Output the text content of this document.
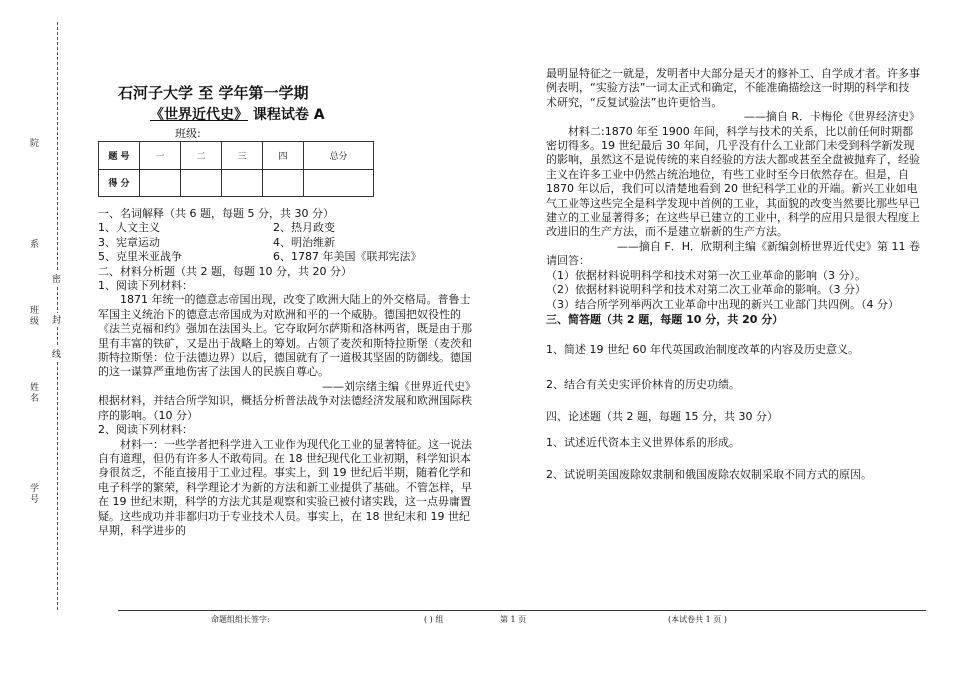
院
系
班
级
姓
名
学
号
密
封
线
石河子大学 至 学年第一学期
《世界近代史》 课程试卷 A
班级:
题 号	一	二	三	四	总分
得 分					

一、名词解释（共 6 题，每题 5 分，共 30 分）

1、人文主义	2、热月政变
3、宪章运动	4、明治维新
5、克里米亚战争	6、1787 年美国《联邦宪法》

二、材料分析题（共 2 题，每题 10 分，共 20 分）

1、阅读下列材料：

1871 年统一的德意志帝国出现，改变了欧洲大陆上的外交格局。普鲁士军国主义统治下的德意志帝国成为对欧洲和平的一个威胁。德国把奴役性的《法兰克福和约》强加在法国头上。它夺取阿尔萨斯和洛林两省，既是由于那里有丰富的铁矿，又是出于战略上的筹划。占领了麦茨和斯特拉斯堡（麦茨和斯特拉斯堡：位于法德边界）以后，德国就有了一道极其坚固的防御线。德国的这一谋算严重地伤害了法国人的民族自尊心。

——刘宗绪主编《世界近代史》

根据材料，并结合所学知识，概括分析普法战争对法德经济发展和欧洲国际秩序的影响。（10 分）

2、阅读下列材料：

材料一：一些学者把科学进入工业作为现代化工业的显著特征。这一说法自有道理，但仍有许多人不敢苟同。在 18 世纪现代化工业初期，科学知识本身很贫乏，不能直接用于工业过程。事实上，到 19 世纪后半期，随着化学和电子科学的繁荣，科学理论才为新的方法和新工业提供了基础。不管怎样，早在 19 世纪末期，科学的方法尤其是观察和实验已被付诸实践，这一点毋庸置疑。这些成功并非都归功于专业技术人员。事实上，在 18 世纪末和 19 世纪早期，科学进步的

最明显特征之一就是，发明者中大部分是天才的修补工、自学成才者。许多事例表明，“实验方法”一词太正式和确定，不能准确描绘这一时期的科学和技术研究，“反复试验法”也许更恰当。

——摘自 R．卡梅伦《世界经济史》

材料二:1870 年至 1900 年间，科学与技术的关系，比以前任何时期都密切得多。19 世纪最后 30 年间，几乎没有什么工业部门未受到科学新发现的影响，虽然这不是说传统的来自经验的方法大都或甚至全盘被抛弃了，经验主义在许多工业中仍然占统治地位，有些工业时至今日依然存在。但是，自 1870 年以后，我们可以清楚地看到 20 世纪科学工业的开端。新兴工业如电气工业等这些完全是科学发现中首例的工业，其面貌的改变当然要比那些早已建立的工业显著得多；在这些早已建立的工业中，科学的应用只是很大程度上改进旧的生产方法，而不是建立崭新的生产方法。

——摘自 F．H．欣期利主编《新编剑桥世界近代史》第 11 卷

请回答：

（1）依据材料说明科学和技术对第一次工业革命的影响（3 分）。

（2）依据材料说明科学和技术对第二次工业革命的影响。（3 分）

（3）结合所学列举两次工业革命中出现的新兴工业部门共四例。（4 分）

三、简答题（共 2 题，每题 10 分，共 20 分）

1、简述 19 世纪 60 年代英国政治制度改革的内容及历史意义。

2、结合有关史实评价林肯的历史功绩。

四、论述题（共 2 题，每题 15 分，共 30 分）

1、试述近代资本主义世界体系的形成。

2、试说明美国废除奴隶制和俄国废除农奴制采取不同方式的原因。

命题组组长签字:	( ) 组	第 1 页	(本试卷共 1 页 )
